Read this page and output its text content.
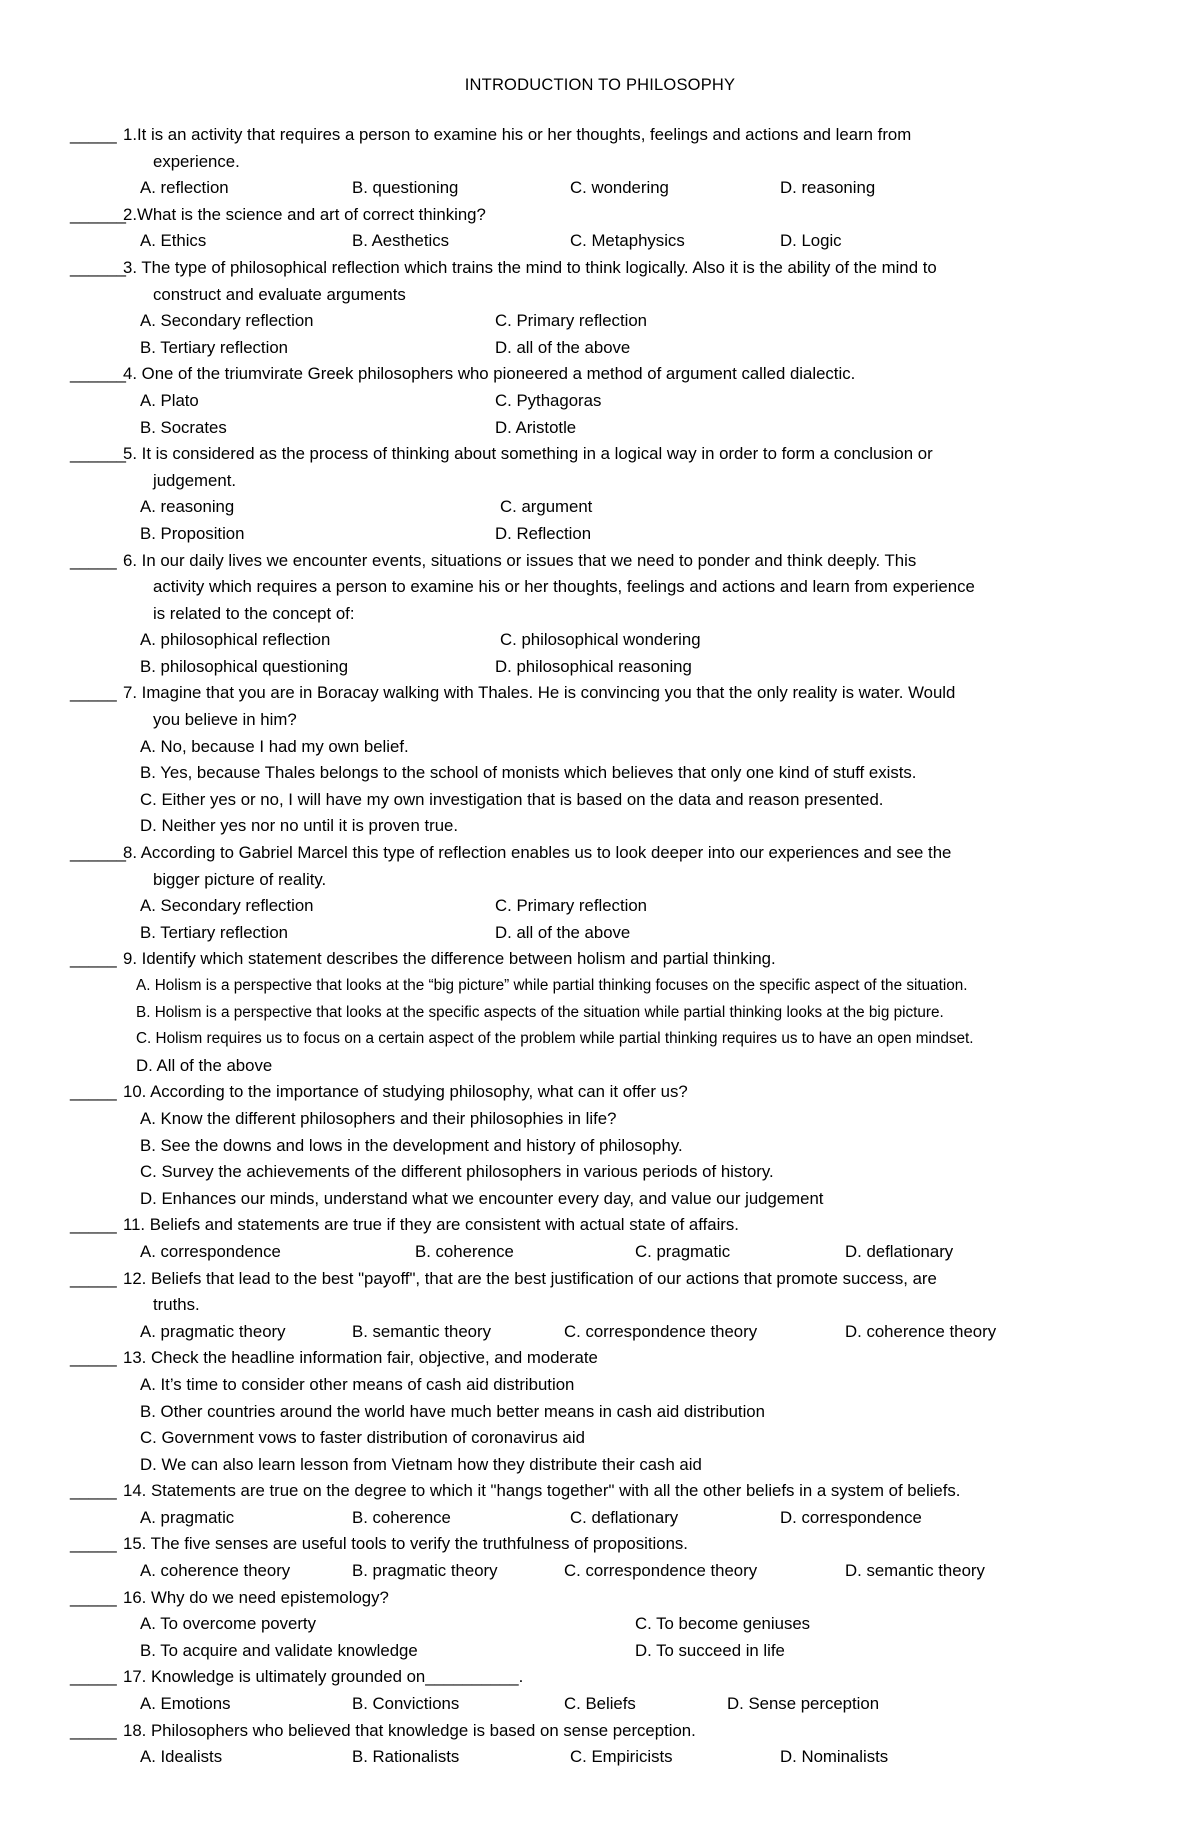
INTRODUCTION TO PHILOSOPHY
_____ 1.It is an activity that requires a person to examine his or her thoughts, feelings and actions and learn from
experience.
A. reflection	B. questioning	C. wondering	D. reasoning
______2.What is the science and art of correct thinking?
A. Ethics	B. Aesthetics	C. Metaphysics	D. Logic
______3. The type of philosophical reflection which trains the mind to think logically. Also it is the ability of the mind to
construct and evaluate arguments
A. Secondary reflection	C. Primary reflection
B. Tertiary reflection	D. all of the above
______4. One of the triumvirate Greek philosophers who pioneered a method of argument called dialectic.
A. Plato	C. Pythagoras
B. Socrates	D. Aristotle
______5. It is considered as the process of thinking about something in a logical way in order to form a conclusion or
judgement.
A. reasoning	C. argument
B. Proposition	D. Reflection
_____ 6. In our daily lives we encounter events, situations or issues that we need to ponder and think deeply. This
activity which requires a person to examine his or her thoughts, feelings and actions and learn from experience
is related to the concept of:
A. philosophical reflection	C. philosophical wondering
B. philosophical questioning	D. philosophical reasoning
_____ 7. Imagine that you are in Boracay walking with Thales. He is convincing you that the only reality is water. Would
you believe in him?
A. No, because I had my own belief.
B. Yes, because Thales belongs to the school of monists which believes that only one kind of stuff exists.
C. Either yes or no, I will have my own investigation that is based on the data and reason presented.
D. Neither yes nor no until it is proven true.
______8. According to Gabriel Marcel this type of reflection enables us to look deeper into our experiences and see the
bigger picture of reality.
A. Secondary reflection	C. Primary reflection
B. Tertiary reflection	D. all of the above
_____ 9. Identify which statement describes the difference between holism and partial thinking.
A. Holism is a perspective that looks at the “big picture” while partial thinking focuses on the specific aspect of the situation.
B. Holism is a perspective that looks at the specific aspects of the situation while partial thinking looks at the big picture.
C. Holism requires us to focus on a certain aspect of the problem while partial thinking requires us to have an open mindset.
D. All of the above
_____ 10. According to the importance of studying philosophy, what can it offer us?
A. Know the different philosophers and their philosophies in life?
B. See the downs and lows in the development and history of philosophy.
C. Survey the achievements of the different philosophers in various periods of history.
D. Enhances our minds, understand what we encounter every day, and value our judgement
_____ 11. Beliefs and statements are true if they are consistent with actual state of affairs.
A. correspondence	B. coherence	C. pragmatic	D. deflationary
_____ 12. Beliefs that lead to the best "payoff", that are the best justification of our actions that promote success, are
truths.
A. pragmatic theory	B. semantic theory	C. correspondence theory	D. coherence theory
_____ 13. Check the headline information fair, objective, and moderate
A. It’s time to consider other means of cash aid distribution
B. Other countries around the world have much better means in cash aid distribution
C. Government vows to faster distribution of coronavirus aid
D. We can also learn lesson from Vietnam how they distribute their cash aid
_____ 14. Statements are true on the degree to which it "hangs together" with all the other beliefs in a system of beliefs.
A. pragmatic	B. coherence	C. deflationary	D. correspondence
_____ 15. The five senses are useful tools to verify the truthfulness of propositions.
A. coherence theory	B. pragmatic theory	C. correspondence theory	D. semantic theory
_____ 16. Why do we need epistemology?
A. To overcome poverty	C. To become geniuses
B. To acquire and validate knowledge	D. To succeed in life
_____ 17. Knowledge is ultimately grounded on__________.
A. Emotions	B. Convictions	C. Beliefs	D. Sense perception
_____ 18. Philosophers who believed that knowledge is based on sense perception.
A. Idealists	B. Rationalists	C. Empiricists	D. Nominalists
